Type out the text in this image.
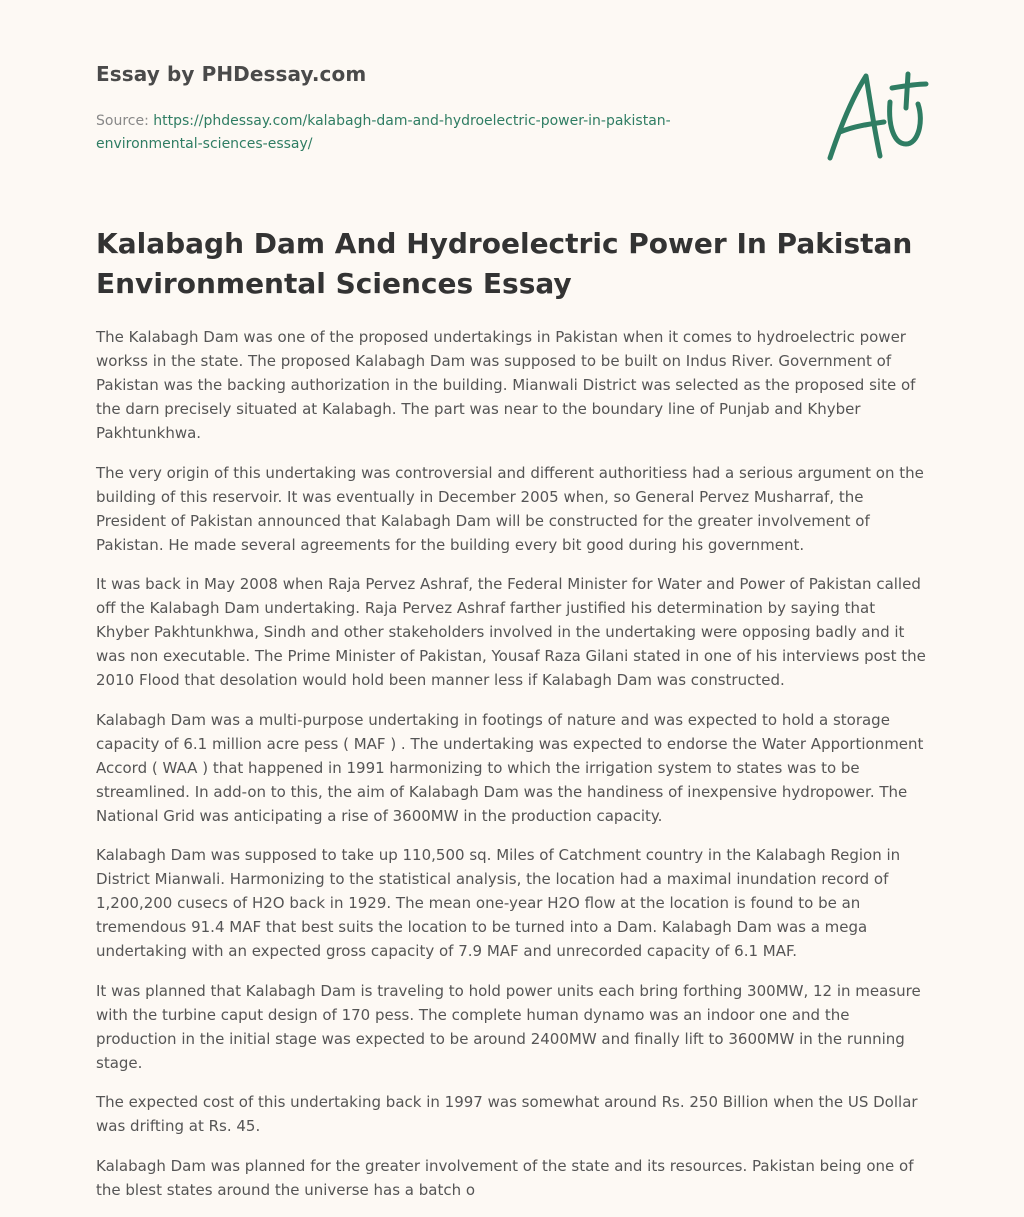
Essay by PHDessay.com
Source: https://phdessay.com/kalabagh-dam-and-hydroelectric-power-in-pakistan-environmental-sciences-essay/
Kalabagh Dam And Hydroelectric Power In Pakistan Environmental Sciences Essay

The Kalabagh Dam was one of the proposed undertakings in Pakistan when it comes to hydroelectric power workss in the state. The proposed Kalabagh Dam was supposed to be built on Indus River. Government of Pakistan was the backing authorization in the building. Mianwali District was selected as the proposed site of the darn precisely situated at Kalabagh. The part was near to the boundary line of Punjab and Khyber Pakhtunkhwa.

The very origin of this undertaking was controversial and different authoritiess had a serious argument on the building of this reservoir. It was eventually in December 2005 when, so General Pervez Musharraf, the President of Pakistan announced that Kalabagh Dam will be constructed for the greater involvement of Pakistan. He made several agreements for the building every bit good during his government.

It was back in May 2008 when Raja Pervez Ashraf, the Federal Minister for Water and Power of Pakistan called off the Kalabagh Dam undertaking. Raja Pervez Ashraf farther justified his determination by saying that Khyber Pakhtunkhwa, Sindh and other stakeholders involved in the undertaking were opposing badly and it was non executable. The Prime Minister of Pakistan, Yousaf Raza Gilani stated in one of his interviews post the 2010 Flood that desolation would hold been manner less if Kalabagh Dam was constructed.

Kalabagh Dam was a multi-purpose undertaking in footings of nature and was expected to hold a storage capacity of 6.1 million acre pess ( MAF ) . The undertaking was expected to endorse the Water Apportionment Accord ( WAA ) that happened in 1991 harmonizing to which the irrigation system to states was to be streamlined. In add-on to this, the aim of Kalabagh Dam was the handiness of inexpensive hydropower. The National Grid was anticipating a rise of 3600MW in the production capacity.

Kalabagh Dam was supposed to take up 110,500 sq. Miles of Catchment country in the Kalabagh Region in District Mianwali. Harmonizing to the statistical analysis, the location had a maximal inundation record of 1,200,200 cusecs of H2O back in 1929. The mean one-year H2O flow at the location is found to be an tremendous 91.4 MAF that best suits the location to be turned into a Dam. Kalabagh Dam was a mega undertaking with an expected gross capacity of 7.9 MAF and unrecorded capacity of 6.1 MAF.

It was planned that Kalabagh Dam is traveling to hold power units each bring forthing 300MW, 12 in measure with the turbine caput design of 170 pess. The complete human dynamo was an indoor one and the production in the initial stage was expected to be around 2400MW and finally lift to 3600MW in the running stage.

The expected cost of this undertaking back in 1997 was somewhat around Rs. 250 Billion when the US Dollar was drifting at Rs. 45.

Kalabagh Dam was planned for the greater involvement of the state and its resources. Pakistan being one of the blest states around the universe has a batch o
